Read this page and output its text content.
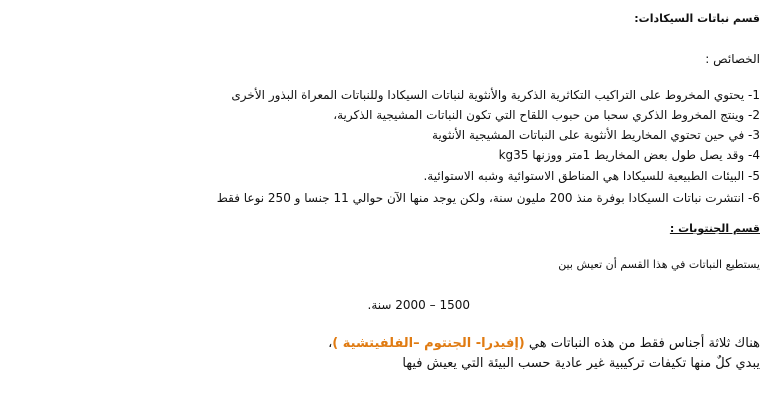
قسم نباتات السيكادات:
الخصائص :
1- يحتوي المخروط على التراكيب التكاثرية الذكرية والأنثوية لنباتات السيكادا وللنباتات المعراة البذور الأخرى
2- وينتج المخروط الذكري سحبا من حبوب اللقاح التي تكون النباتات المشيجية الذكرية،
3- في حين تحتوي المخاريط الأنثوية على النباتات المشيجية الأنثوية
4- وقد يصل طول بعض المخاريط 1متر ووزنها kg35
5- البيئات الطبيعية للسيكادا هي المناطق الاستوائية وشبه الاستوائية.
6- انتشرت نباتات السيكادا بوفرة منذ 200 مليون سنة، ولكن يوجد منها الآن حوالي 11 جنسا و 250 نوعا فقط
قسم الجنتويات :
يستطيع النباتات في هذا القسم أن تعيش بين
1500 – 2000 سنة.
هناك ثلاثة أجناس فقط من هذه النباتات هي (إفيدرا- الجنتوم –الفلفيتشية )،
يبدي كلٌ منها تكيفات تركيبية غير عادية حسب البيئة التي يعيش فيها
